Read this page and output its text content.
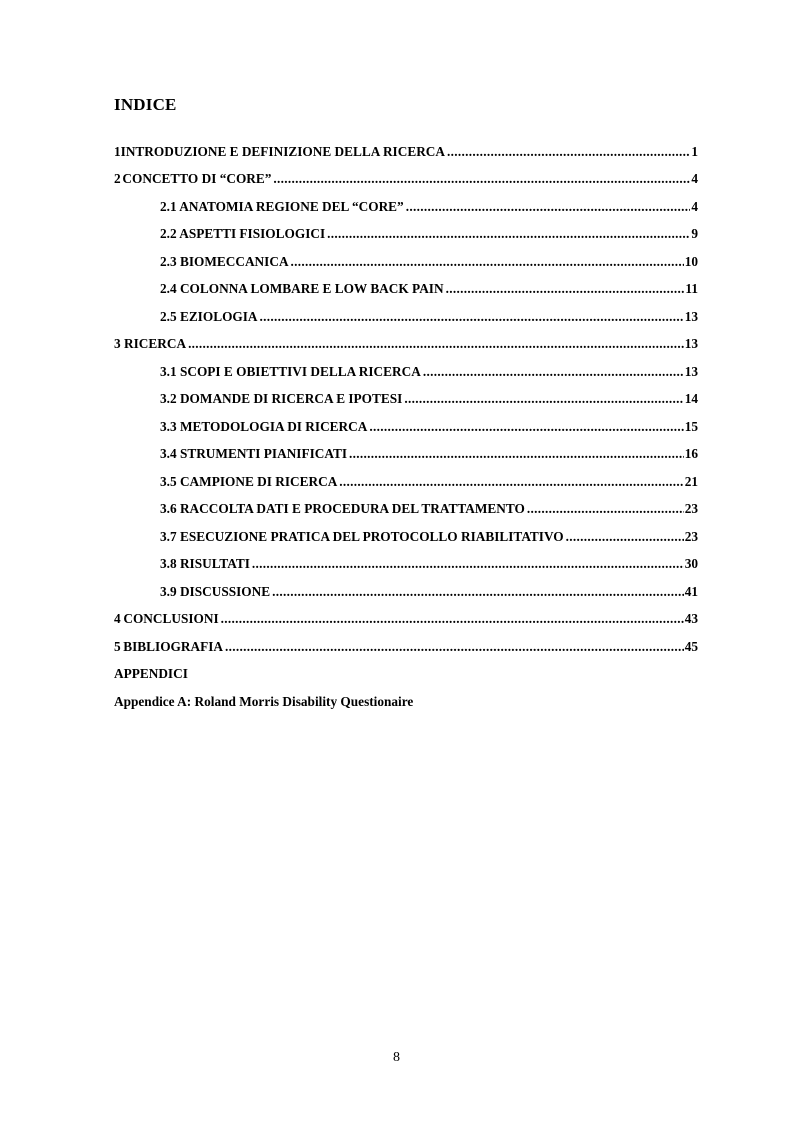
INDICE
1 INTRODUZIONE E DEFINIZIONE DELLA RICERCA .....	1
2 CONCETTO DI “CORE” .....	4
2.1 ANATOMIA REGIONE DEL “CORE” .....	4
2.2 ASPETTI FISIOLOGICI .....	9
2.3 BIOMECCANICA .....	10
2.4 COLONNA LOMBARE E LOW BACK PAIN .....	11
2.5 EZIOLOGIA .....	13
3 RICERCA .....	13
3.1 SCOPI E OBIETTIVI DELLA RICERCA .....	13
3.2 DOMANDE DI RICERCA E IPOTESI .....	14
3.3 METODOLOGIA DI RICERCA .....	15
3.4 STRUMENTI PIANIFICATI .....	16
3.5 CAMPIONE DI RICERCA .....	21
3.6 RACCOLTA DATI E PROCEDURA DEL TRATTAMENTO .....	23
3.7 ESECUZIONE PRATICA DEL PROTOCOLLO RIABILITATIVO .....	23
3.8 RISULTATI .....	30
3.9 DISCUSSIONE .....	41
4 CONCLUSIONI .....	43
5 BIBLIOGRAFIA .....	45
APPENDICI
Appendice A: Roland Morris Disability Questionaire
8
